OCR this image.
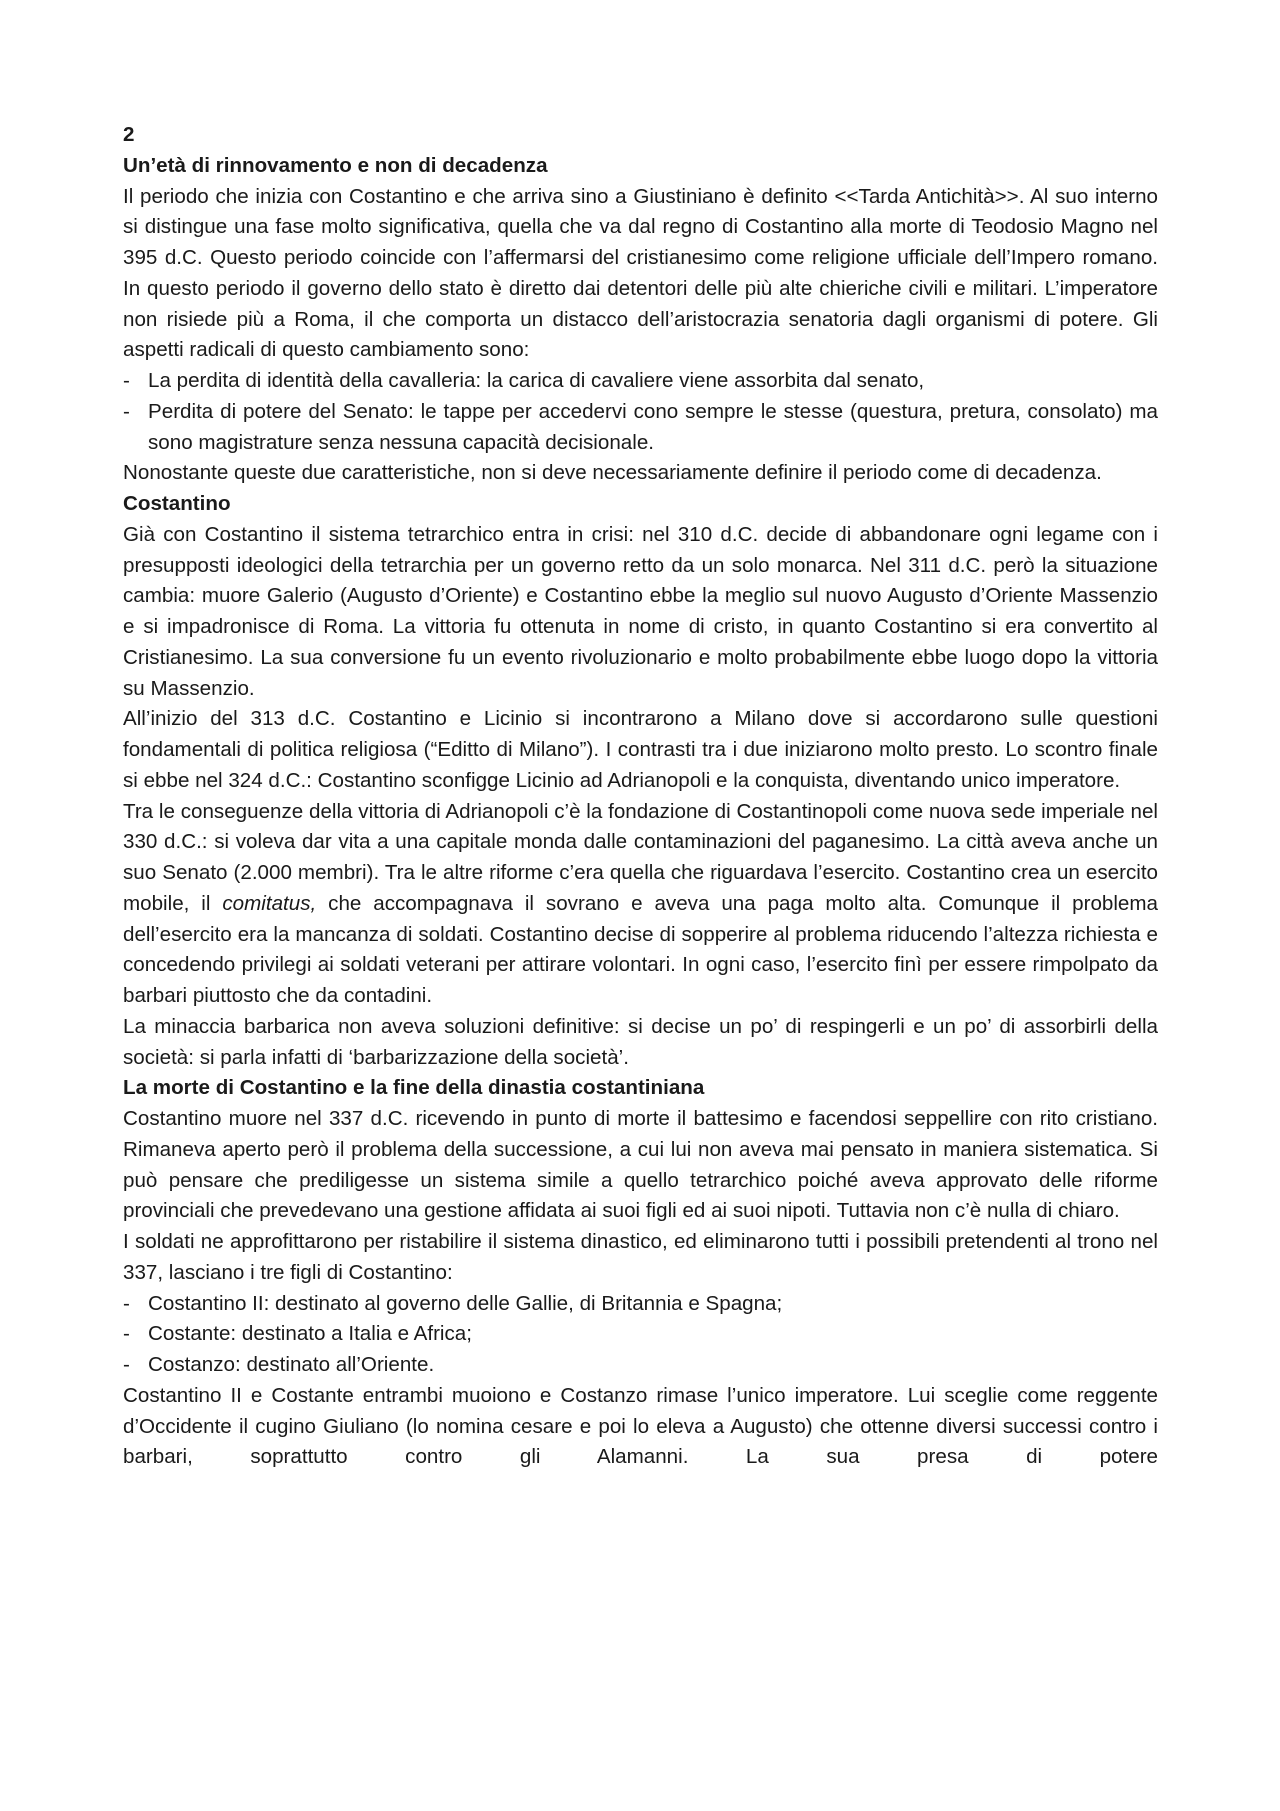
2
Un’età di rinnovamento e non di decadenza

Il periodo che inizia con Costantino e che arriva sino a Giustiniano è definito <<Tarda Antichità>>. Al suo interno si distingue una fase molto significativa, quella che va dal regno di Costantino alla morte di Teodosio Magno nel 395 d.C. Questo periodo coincide con l’affermarsi del cristianesimo come religione ufficiale dell’Impero romano. In questo periodo il governo dello stato è diretto dai detentori delle più alte chieriche civili e militari. L’imperatore non risiede più a Roma, il che comporta un distacco dell’aristocrazia senatoria dagli organismi di potere. Gli aspetti radicali di questo cambiamento sono:

- La perdita di identità della cavalleria: la carica di cavaliere viene assorbita dal senato,
- Perdita di potere del Senato: le tappe per accedervi cono sempre le stesse (questura, pretura, consolato) ma sono magistrature senza nessuna capacità decisionale.

Nonostante queste due caratteristiche, non si deve necessariamente definire il periodo come di decadenza.

Costantino

Già con Costantino il sistema tetrarchico entra in crisi: nel 310 d.C. decide di abbandonare ogni legame con i presupposti ideologici della tetrarchia per un governo retto da un solo monarca. Nel 311 d.C. però la situazione cambia: muore Galerio (Augusto d’Oriente) e Costantino ebbe la meglio sul nuovo Augusto d’Oriente Massenzio e si impadronisce di Roma. La vittoria fu ottenuta in nome di cristo, in quanto Costantino si era convertito al Cristianesimo. La sua conversione fu un evento rivoluzionario e molto probabilmente ebbe luogo dopo la vittoria su Massenzio.

All’inizio del 313 d.C. Costantino e Licinio si incontrarono a Milano dove si accordarono sulle questioni fondamentali di politica religiosa (“Editto di Milano”). I contrasti tra i due iniziarono molto presto. Lo scontro finale si ebbe nel 324 d.C.: Costantino sconfigge Licinio ad Adrianopoli e la conquista, diventando unico imperatore.

Tra le conseguenze della vittoria di Adrianopoli c’è la fondazione di Costantinopoli come nuova sede imperiale nel 330 d.C.: si voleva dar vita a una capitale monda dalle contaminazioni del paganesimo. La città aveva anche un suo Senato (2.000 membri). Tra le altre riforme c’era quella che riguardava l’esercito. Costantino crea un esercito mobile, il comitatus, che accompagnava il sovrano e aveva una paga molto alta. Comunque il problema dell’esercito era la mancanza di soldati. Costantino decise di sopperire al problema riducendo l’altezza richiesta e concedendo privilegi ai soldati veterani per attirare volontari. In ogni caso, l’esercito finì per essere rimpolpato da barbari piuttosto che da contadini.

La minaccia barbarica non aveva soluzioni definitive: si decise un po’ di respingerli e un po’ di assorbirli della società: si parla infatti di ‘barbarizzazione della società’.

La morte di Costantino e la fine della dinastia costantiniana

Costantino muore nel 337 d.C. ricevendo in punto di morte il battesimo e facendosi seppellire con rito cristiano. Rimaneva aperto però il problema della successione, a cui lui non aveva mai pensato in maniera sistematica. Si può pensare che prediligesse un sistema simile a quello tetrarchico poiché aveva approvato delle riforme provinciali che prevedevano una gestione affidata ai suoi figli ed ai suoi nipoti. Tuttavia non c’è nulla di chiaro.

I soldati ne approfittarono per ristabilire il sistema dinastico, ed eliminarono tutti i possibili pretendenti al trono nel 337, lasciano i tre figli di Costantino:

- Costantino II: destinato al governo delle Gallie, di Britannia e Spagna;
- Costante: destinato a Italia e Africa;
- Costanzo: destinato all’Oriente.

Costantino II e Costante entrambi muoiono e Costanzo rimase l’unico imperatore. Lui sceglie come reggente d’Occidente il cugino Giuliano (lo nomina cesare e poi lo eleva a Augusto) che ottenne diversi successi contro i barbari, soprattutto contro gli Alamanni. La sua presa di potere
